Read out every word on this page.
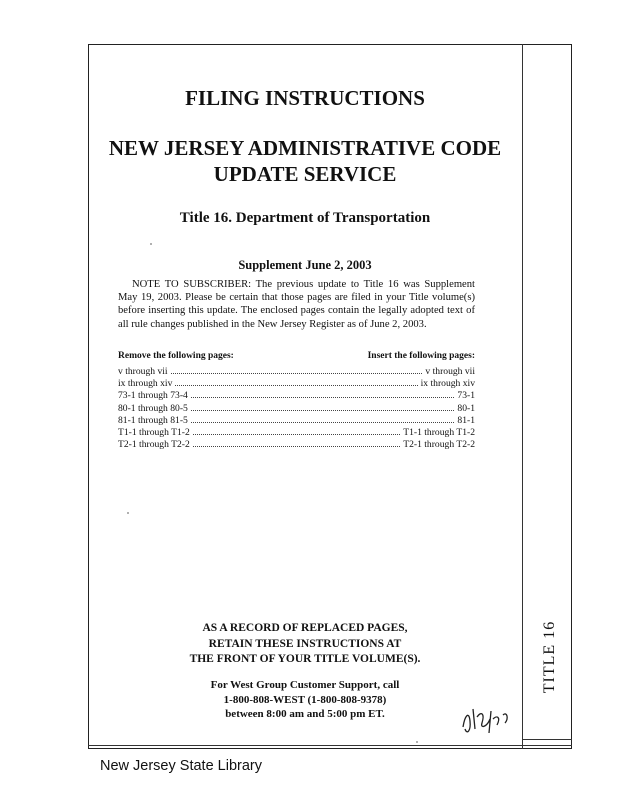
FILING INSTRUCTIONS
NEW JERSEY ADMINISTRATIVE CODE
UPDATE SERVICE
Title 16. Department of Transportation
Supplement June 2, 2003

NOTE TO SUBSCRIBER: The previous update to Title 16 was Supplement May 19, 2003. Please be certain that those pages are filed in your Title volume(s) before inserting this update. The enclosed pages contain the legally adopted text of all rule changes published in the New Jersey Register as of June 2, 2003.

Remove the following pages:	Insert the following pages:
v through vii	v through vii
ix through xiv	ix through xiv
73-1 through 73-4	73-1
80-1 through 80-5	80-1
81-1 through 81-5	81-1
T1-1 through T1-2	T1-1 through T1-2
T2-1 through T2-2	T2-1 through T2-2
AS A RECORD OF REPLACED PAGES,
RETAIN THESE INSTRUCTIONS AT
THE FRONT OF YOUR TITLE VOLUME(S).
For West Group Customer Support, call
1-800-808-WEST (1-800-808-9378)
between 8:00 am and 5:00 pm ET.
TITLE 16
New Jersey State Library
